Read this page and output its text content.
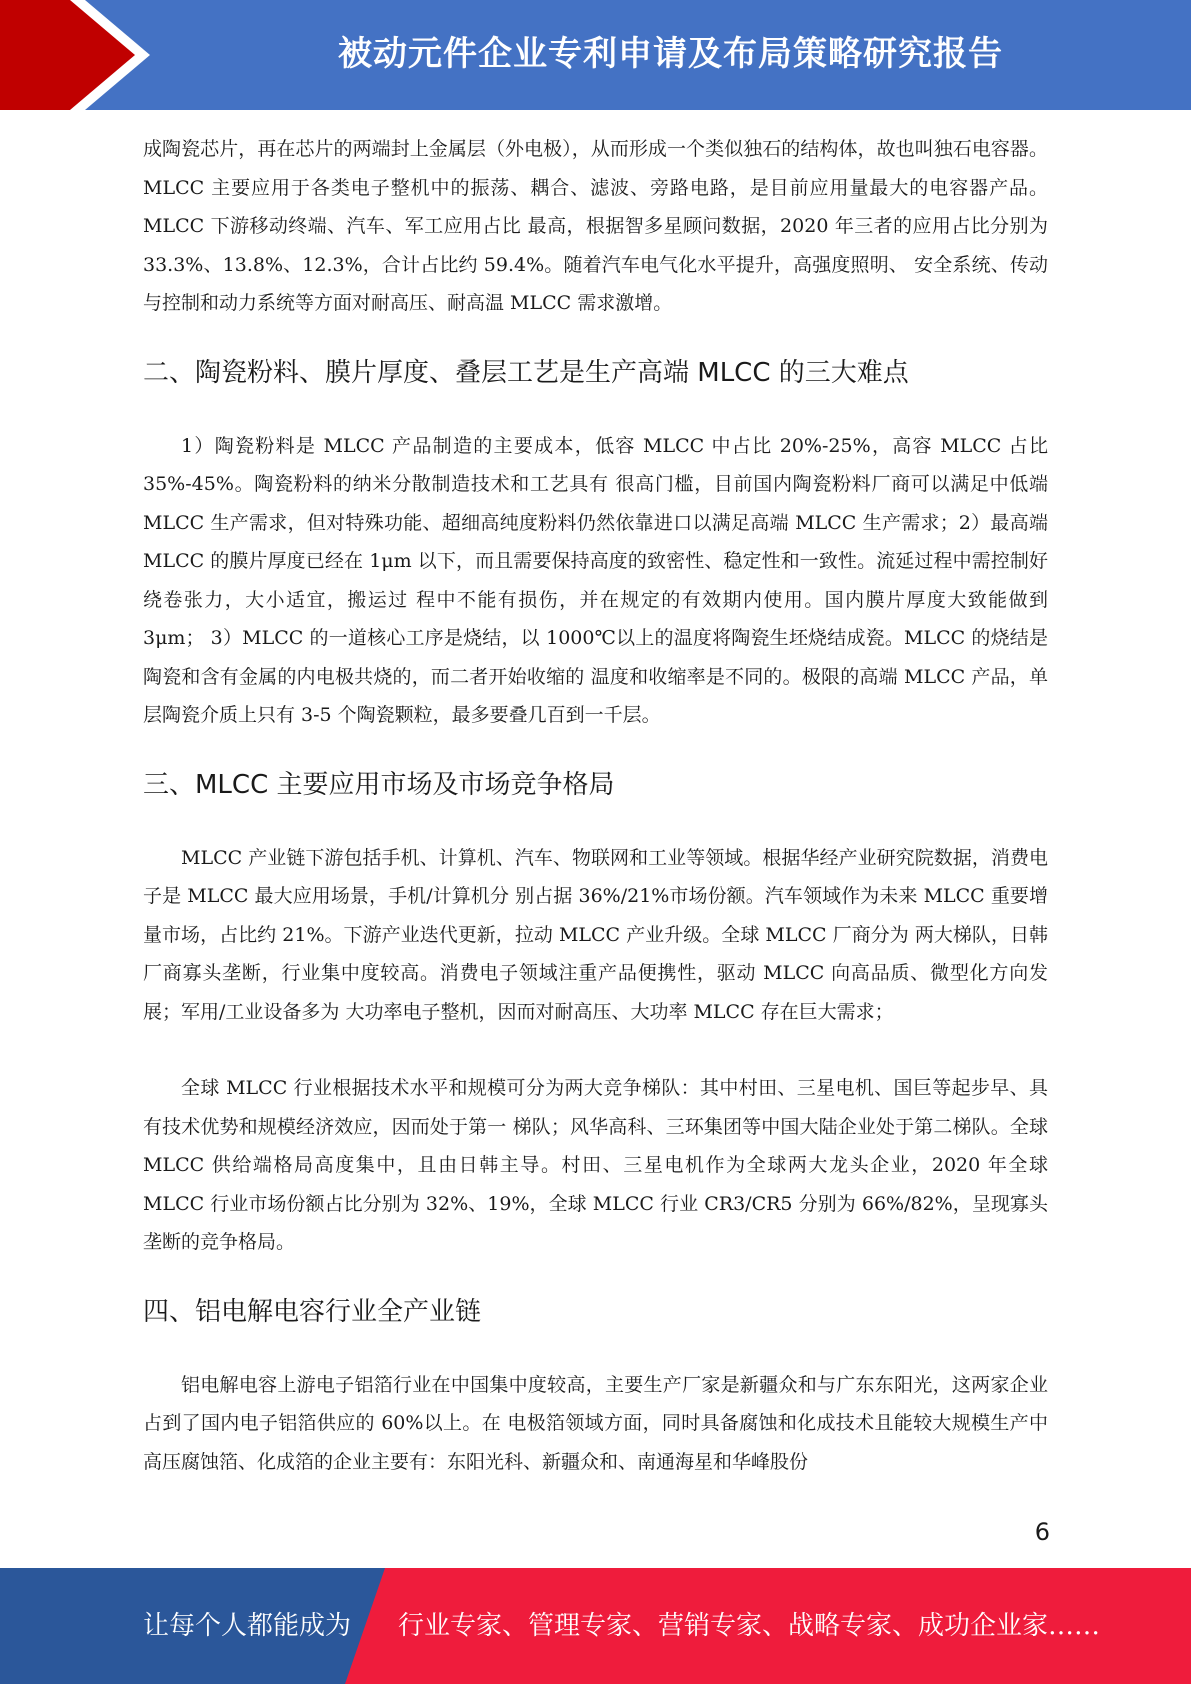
被动元件企业专利申请及布局策略研究报告

成陶瓷芯片，再在芯片的两端封上金属层（外电极），从而形成一个类似独石的结构体，故也叫独石电容器。 MLCC 主要应用于各类电子整机中的振荡、耦合、滤波、旁路电路，是目前应用量最大的电容器产品。MLCC 下游移动终端、汽车、军工应用占比 最高，根据智多星顾问数据，2020 年三者的应用占比分别为 33.3%、13.8%、12.3%，合计占比约 59.4%。随着汽车电气化水平提升，高强度照明、 安全系统、传动与控制和动力系统等方面对耐高压、耐高温 MLCC 需求激增。

二、陶瓷粉料、膜片厚度、叠层工艺是生产高端 MLCC 的三大难点

1）陶瓷粉料是 MLCC 产品制造的主要成本，低容 MLCC 中占比 20%-25%，高容 MLCC 占比 35%-45%。陶瓷粉料的纳米分散制造技术和工艺具有 很高门槛，目前国内陶瓷粉料厂商可以满足中低端 MLCC 生产需求，但对特殊功能、超细高纯度粉料仍然依靠进口以满足高端 MLCC 生产需求；2）最高端 MLCC 的膜片厚度已经在 1μm 以下，而且需要保持高度的致密性、稳定性和一致性。流延过程中需控制好绕卷张力，大小适宜，搬运过 程中不能有损伤，并在规定的有效期内使用。国内膜片厚度大致能做到 3μm； 3）MLCC 的一道核心工序是烧结，以 1000℃以上的温度将陶瓷生坯烧结成瓷。MLCC 的烧结是陶瓷和含有金属的内电极共烧的，而二者开始收缩的 温度和收缩率是不同的。极限的高端 MLCC 产品，单层陶瓷介质上只有 3-5 个陶瓷颗粒，最多要叠几百到一千层。

三、MLCC 主要应用市场及市场竞争格局

MLCC 产业链下游包括手机、计算机、汽车、物联网和工业等领域。根据华经产业研究院数据，消费电子是 MLCC 最大应用场景，手机/计算机分 别占据 36%/21%市场份额。汽车领域作为未来 MLCC 重要增量市场，占比约 21%。下游产业迭代更新，拉动 MLCC 产业升级。全球 MLCC 厂商分为 两大梯队，日韩厂商寡头垄断，行业集中度较高。消费电子领域注重产品便携性，驱动 MLCC 向高品质、微型化方向发展；军用/工业设备多为 大功率电子整机，因而对耐高压、大功率 MLCC 存在巨大需求；

全球 MLCC 行业根据技术水平和规模可分为两大竞争梯队：其中村田、三星电机、国巨等起步早、具有技术优势和规模经济效应，因而处于第一 梯队；风华高科、三环集团等中国大陆企业处于第二梯队。全球 MLCC 供给端格局高度集中，且由日韩主导。村田、三星电机作为全球两大龙头企业，2020 年全球 MLCC 行业市场份额占比分别为 32%、19%，全球 MLCC 行业 CR3/CR5 分别为 66%/82%，呈现寡头垄断的竞争格局。

四、铝电解电容行业全产业链

铝电解电容上游电子铝箔行业在中国集中度较高，主要生产厂家是新疆众和与广东东阳光，这两家企业占到了国内电子铝箔供应的 60%以上。在 电极箔领域方面，同时具备腐蚀和化成技术且能较大规模生产中高压腐蚀箔、化成箔的企业主要有：东阳光科、新疆众和、南通海星和华峰股份

6
让每个人都能成为 行业专家、管理专家、营销专家、战略专家、成功企业家……
